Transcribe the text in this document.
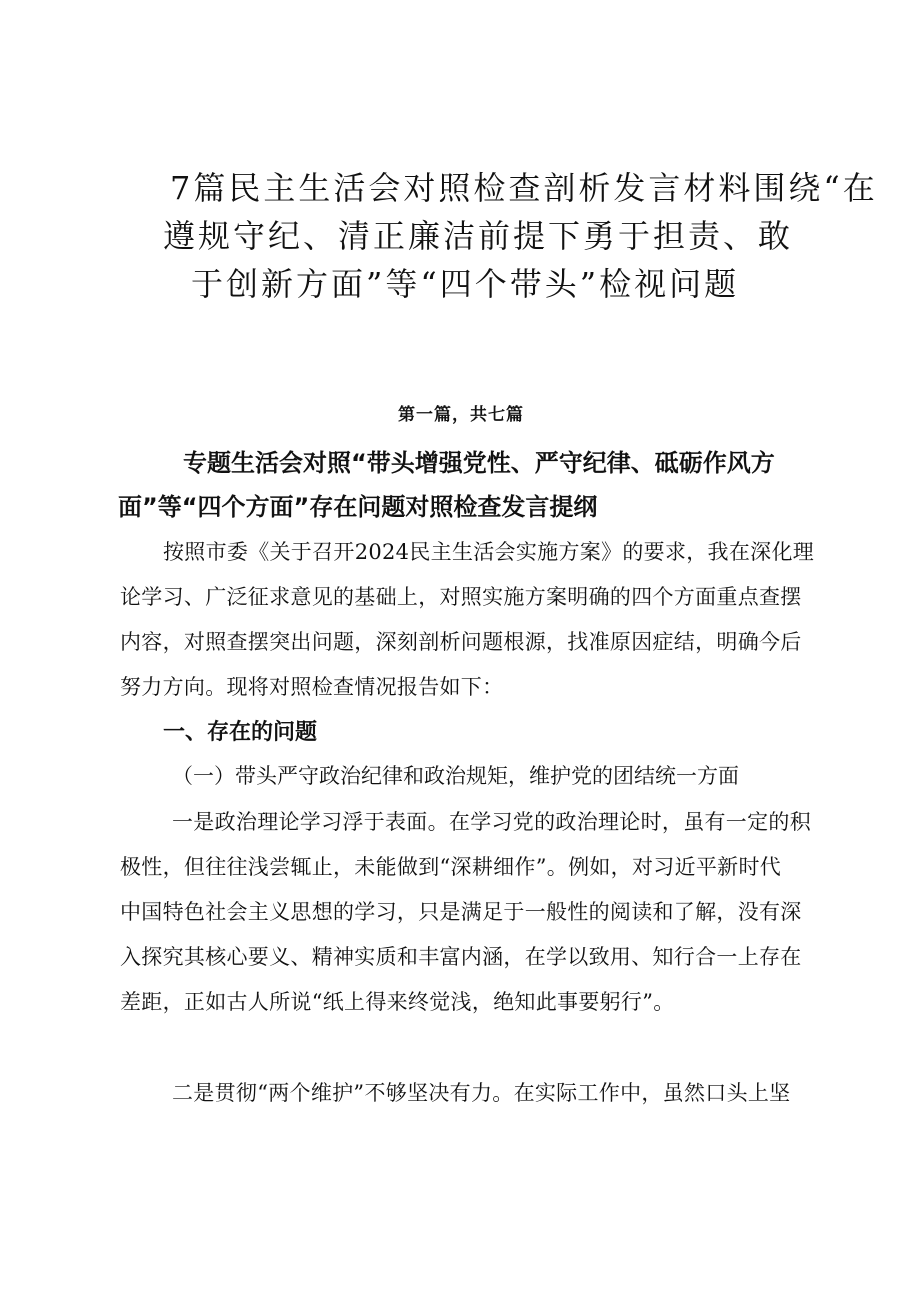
7篇民主生活会对照检查剖析发言材料围绕“在

遵规守纪、清正廉洁前提下勇于担责、敢

于创新方面”等“四个带头”检视问题

第一篇，共七篇

专题生活会对照“带头增强党性、严守纪律、砥砺作风方

面”等“四个方面”存在问题对照检查发言提纲

按照市委《关于召开2024民主生活会实施方案》的要求，我在深化理

论学习、广泛征求意见的基础上，对照实施方案明确的四个方面重点查摆

内容，对照查摆突出问题，深刻剖析问题根源，找准原因症结，明确今后

努力方向。现将对照检查情况报告如下：

一、存在的问题

（一）带头严守政治纪律和政治规矩，维护党的团结统一方面

一是政治理论学习浮于表面。在学习党的政治理论时，虽有一定的积

极性，但往往浅尝辄止，未能做到“深耕细作”。例如，对习近平新时代

中国特色社会主义思想的学习，只是满足于一般性的阅读和了解，没有深

入探究其核心要义、精神实质和丰富内涵，在学以致用、知行合一上存在

差距，正如古人所说“纸上得来终觉浅，绝知此事要躬行”。

二是贯彻“两个维护”不够坚决有力。在实际工作中，虽然口头上坚
